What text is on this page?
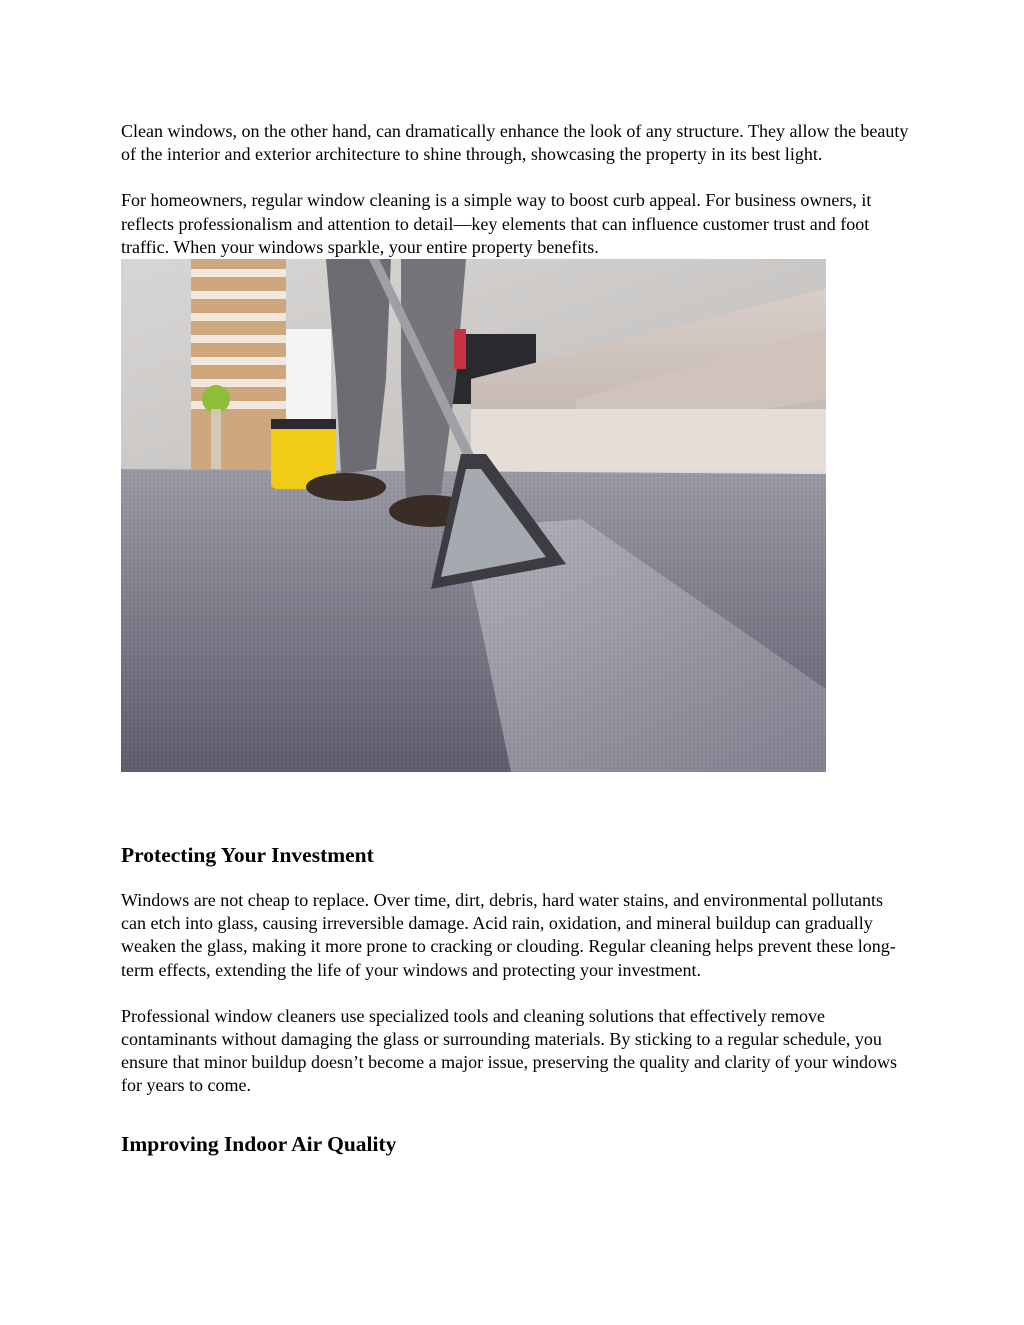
Clean windows, on the other hand, can dramatically enhance the look of any structure. They allow the beauty of the interior and exterior architecture to shine through, showcasing the property in its best light.

For homeowners, regular window cleaning is a simple way to boost curb appeal. For business owners, it reflects professionalism and attention to detail—key elements that can influence customer trust and foot traffic. When your windows sparkle, your entire property benefits.

Protecting Your Investment

Windows are not cheap to replace. Over time, dirt, debris, hard water stains, and environmental pollutants can etch into glass, causing irreversible damage. Acid rain, oxidation, and mineral buildup can gradually weaken the glass, making it more prone to cracking or clouding. Regular cleaning helps prevent these long-term effects, extending the life of your windows and protecting your investment.

Professional window cleaners use specialized tools and cleaning solutions that effectively remove contaminants without damaging the glass or surrounding materials. By sticking to a regular schedule, you ensure that minor buildup doesn’t become a major issue, preserving the quality and clarity of your windows for years to come.

Improving Indoor Air Quality
